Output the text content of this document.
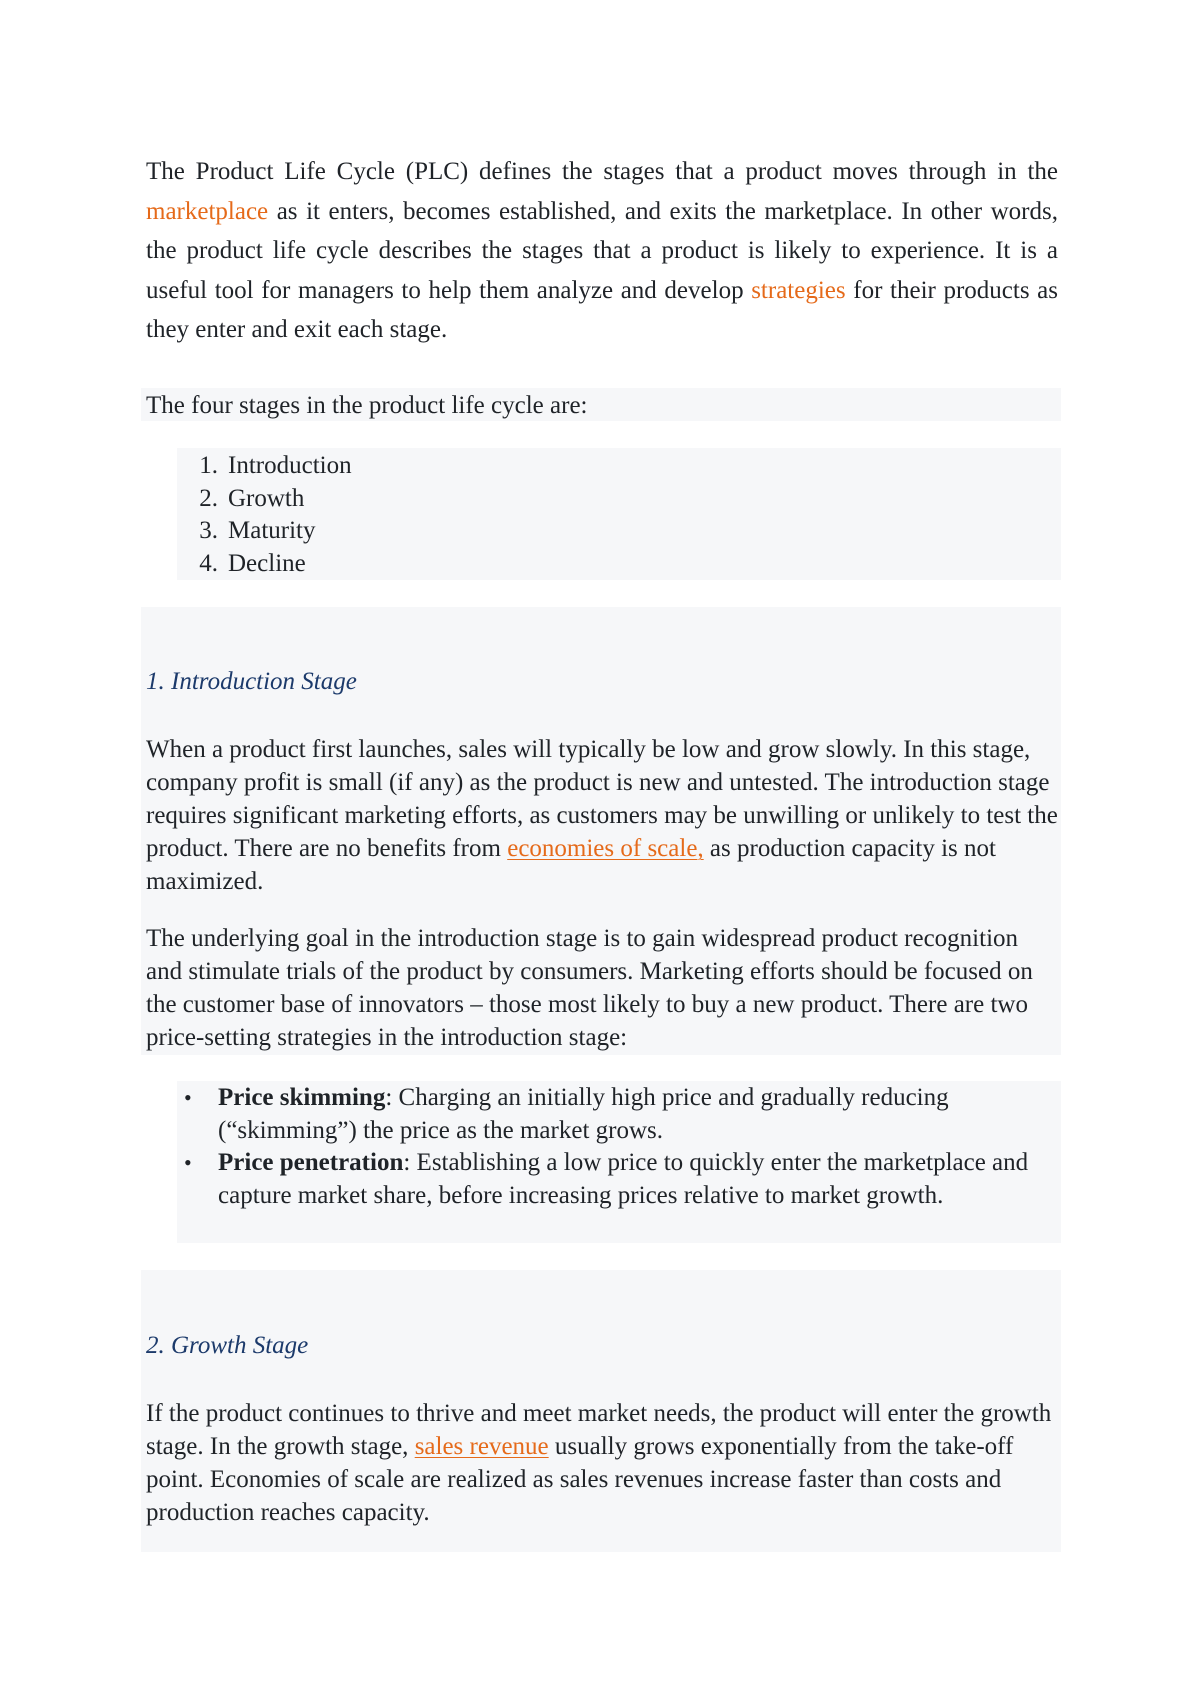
The Product Life Cycle (PLC) defines the stages that a product moves through in the marketplace as it enters, becomes established, and exits the marketplace. In other words, the product life cycle describes the stages that a product is likely to experience. It is a useful tool for managers to help them analyze and develop strategies for their products as they enter and exit each stage.

The four stages in the product life cycle are:

1. Introduction
2. Growth
3. Maturity
4. Decline
1. Introduction Stage

When a product first launches, sales will typically be low and grow slowly. In this stage, company profit is small (if any) as the product is new and untested. The introduction stage requires significant marketing efforts, as customers may be unwilling or unlikely to test the product. There are no benefits from economies of scale, as production capacity is not maximized.

The underlying goal in the introduction stage is to gain widespread product recognition and stimulate trials of the product by consumers. Marketing efforts should be focused on the customer base of innovators – those most likely to buy a new product. There are two price-setting strategies in the introduction stage:

• Price skimming: Charging an initially high price and gradually reducing (“skimming”) the price as the market grows.
• Price penetration: Establishing a low price to quickly enter the marketplace and capture market share, before increasing prices relative to market growth.
2. Growth Stage

If the product continues to thrive and meet market needs, the product will enter the growth stage. In the growth stage, sales revenue usually grows exponentially from the take-off point. Economies of scale are realized as sales revenues increase faster than costs and production reaches capacity.
